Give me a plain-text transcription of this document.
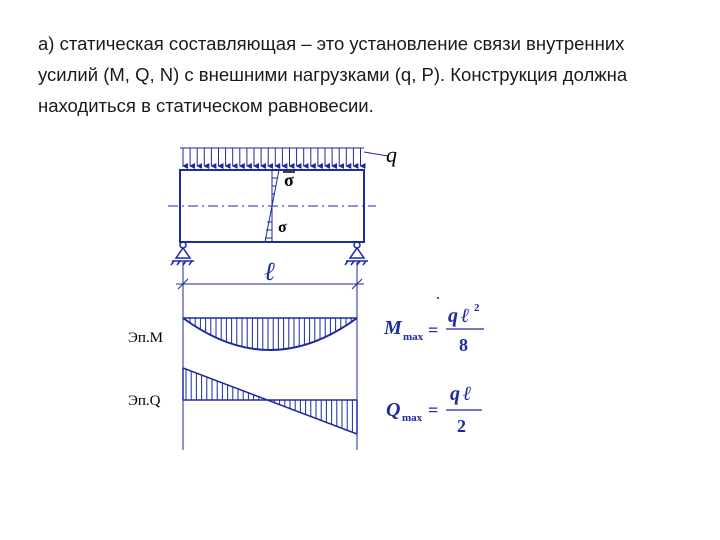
а) статическая составляющая – это установление связи внутренних
усилий (M, Q, N) с внешними нагрузками (q, P). Конструкция должна
находиться в статическом равновесии.
σ
σ
ℓ
M max =
q ℓ 2
8
Q max =
q ℓ
2
Эп.M
Эп.Q
q
